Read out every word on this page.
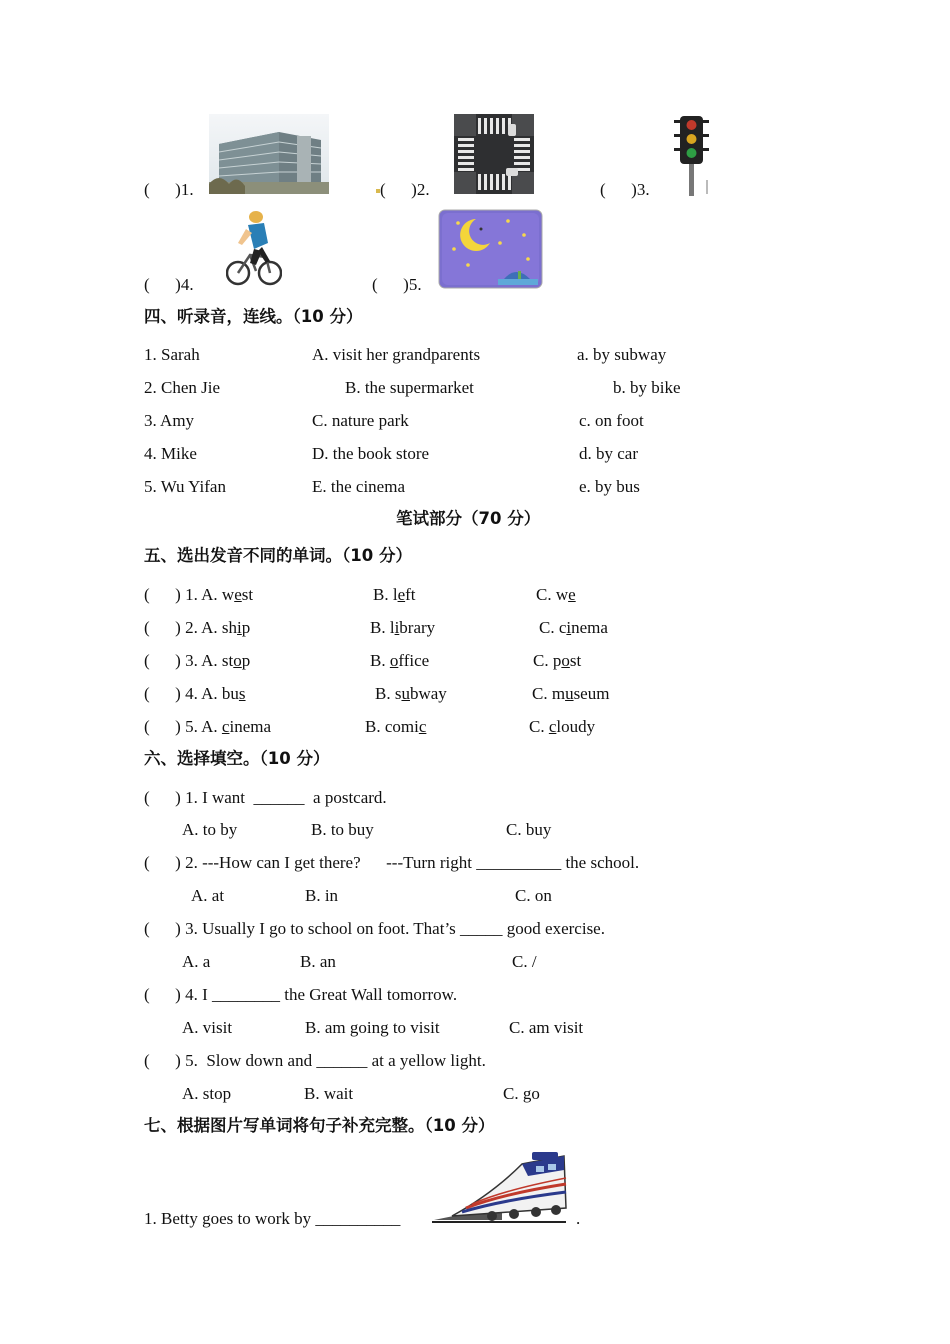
(      )1.	(      )2.	(      )3.
(      )4.	(      )5.
四、听录音，连线。（10 分）
1. Sarah	A. visit her grandparents	a. by subway
2. Chen Jie	B. the supermarket	b. by bike
3. Amy	C. nature park	c. on foot
4. Mike	D. the book store	d. by car
5. Wu Yifan	E. the cinema	e. by bus
笔试部分（70 分）
五、选出发音不同的单词。（10 分）
(      ) 1. A. west	B. left	C. we
(      ) 2. A. ship	B. library	C. cinema
(      ) 3. A. stop	B. office	C. post
(      ) 4. A. bus	B. subway	C. museum
(      ) 5. A. cinema	B. comic	C. cloudy
六、选择填空。（10 分）
(      ) 1. I want  ______  a postcard.
A. to by	B. to buy	C. buy
(      ) 2. ---How can I get there?      ---Turn right __________ the school.
A. at	B. in	C. on
(      ) 3. Usually I go to school on foot. That’s _____ good exercise.
A. a	B. an	C. /
(      ) 4. I ________ the Great Wall tomorrow.
A. visit	B. am going to visit	C. am visit
(      ) 5.  Slow down and ______ at a yellow light.
A. stop	B. wait	C. go
七、根据图片写单词将句子补充完整。（10 分）
1. Betty goes to work by __________	.
